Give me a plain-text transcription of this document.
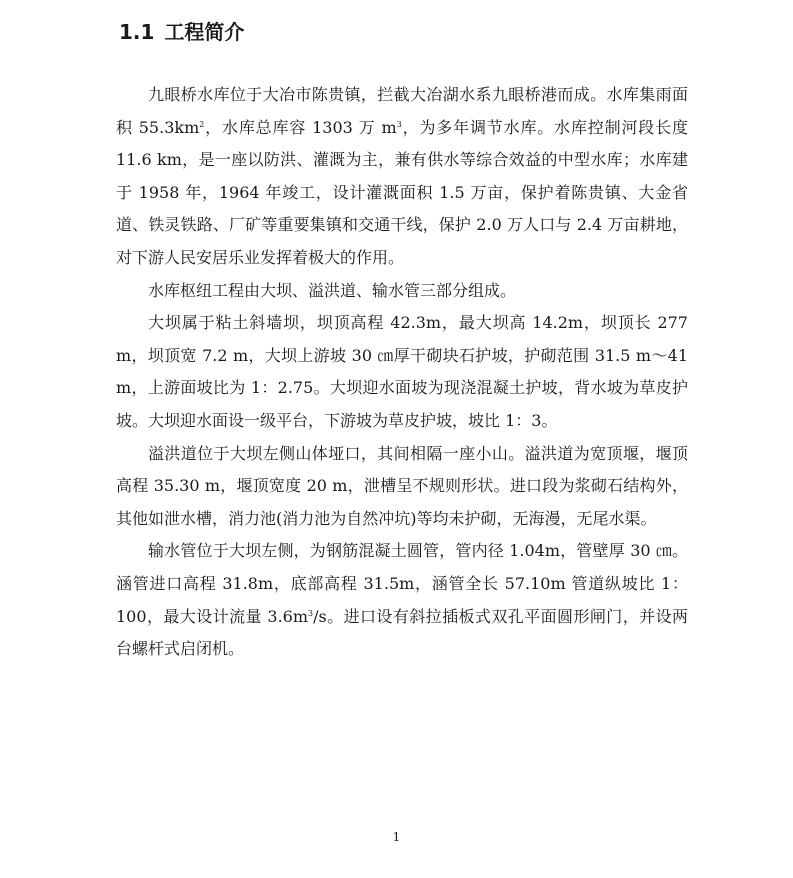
1.1 工程简介

九眼桥水库位于大冶市陈贵镇，拦截大冶湖水系九眼桥港而成。水库集雨面积 $55.3km^2$，水库总库容 1303 万 $m^3$，为多年调节水库。水库控制河段长度 11.6 km，是一座以防洪、灌溉为主，兼有供水等综合效益的中型水库；水库建于 1958 年，1964 年竣工，设计灌溉面积 1.5 万亩，保护着陈贵镇、大金省道、铁灵铁路、厂矿等重要集镇和交通干线，保护 2.0 万人口与 2.4 万亩耕地，对下游人民安居乐业发挥着极大的作用。

水库枢纽工程由大坝、溢洪道、输水管三部分组成。

大坝属于粘土斜墙坝，坝顶高程 42.3m，最大坝高 14.2m，坝顶长 277 m，坝顶宽 7.2 m，大坝上游坡 30 ㎝厚干砌块石护坡，护砌范围 31.5 m～41 m，上游面坡比为 1：2.75。大坝迎水面坡为现浇混凝土护坡，背水坡为草皮护坡。大坝迎水面设一级平台，下游坡为草皮护坡，坡比 1：3。

溢洪道位于大坝左侧山体垭口，其间相隔一座小山。溢洪道为宽顶堰，堰顶高程 35.30 m，堰顶宽度 20 m，泄槽呈不规则形状。进口段为浆砌石结构外，其他如泄水槽，消力池(消力池为自然冲坑)等均未护砌，无海漫，无尾水渠。

输水管位于大坝左侧，为钢筋混凝土圆管，管内径 1.04m，管壁厚 30 ㎝。涵管进口高程 31.8m，底部高程 31.5m，涵管全长 57.10m 管道纵坡比 1：100，最大设计流量 $3.6m^3/s$。进口设有斜拉插板式双孔平面圆形闸门，并设两台螺杆式启闭机。

1
